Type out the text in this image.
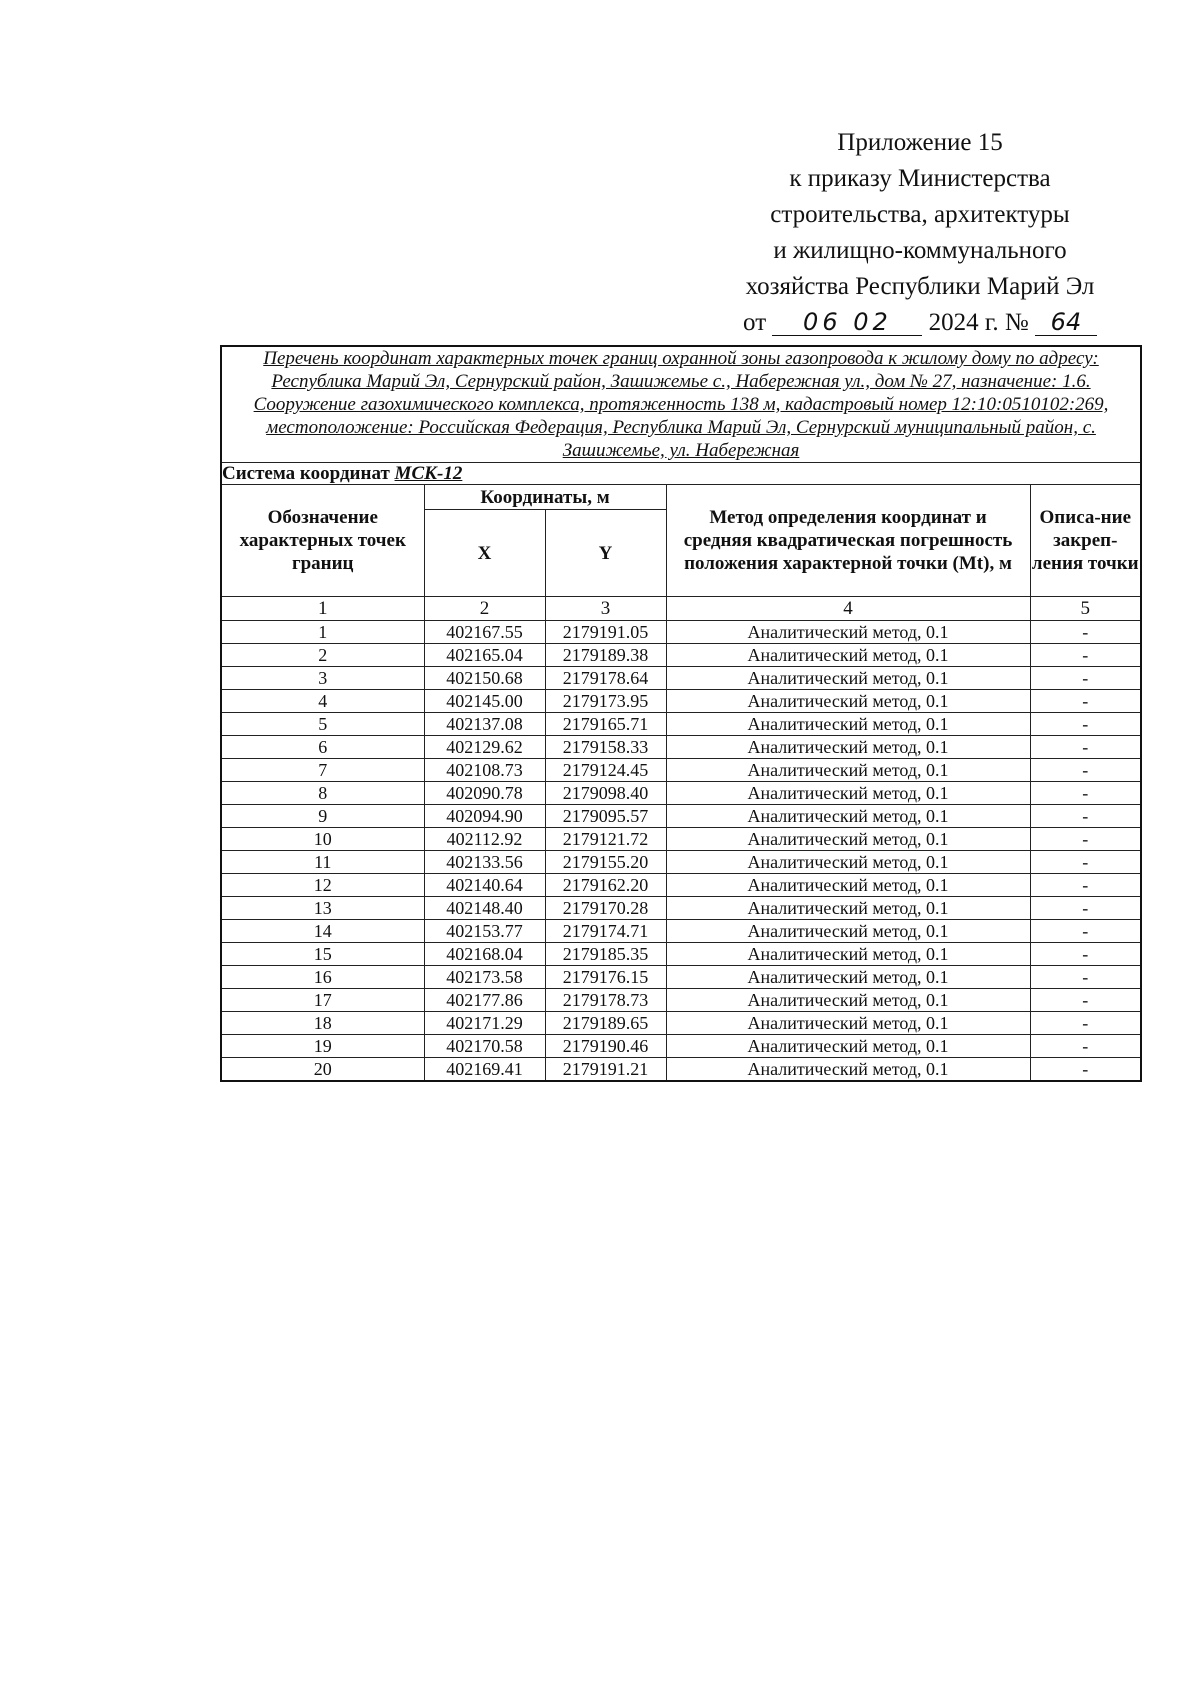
Приложение 15
к приказу Министерства
строительства, архитектуры
и жилищно-коммунального
хозяйства Республики Марий Эл
от 06 02 2024 г. № 64
Перечень координат характерных точек границ охранной зоны газопровода к жилому дому по адресу: Республика Марий Эл, Сернурский район, Зашижемье с., Набережная ул., дом № 27, назначение: 1.6. Сооружение газохимического комплекса, протяженность 138 м, кадастровый номер 12:10:0510102:269, местоположение: Российская Федерация, Республика Марий Эл, Сернурский муниципальный район, с. Зашижемье, ул. Набережная				
Система координат МСК-12				
Обозначение характерных точек границ	Координаты, м		Метод определения координат и средняя квадратическая погрешность положения характерной точки (Mt), м	Описа-ние закреп-ления точки
	X	Y		
1	2	3	4	5
1	402167.55	2179191.05	Аналитический метод, 0.1	-
2	402165.04	2179189.38	Аналитический метод, 0.1	-
3	402150.68	2179178.64	Аналитический метод, 0.1	-
4	402145.00	2179173.95	Аналитический метод, 0.1	-
5	402137.08	2179165.71	Аналитический метод, 0.1	-
6	402129.62	2179158.33	Аналитический метод, 0.1	-
7	402108.73	2179124.45	Аналитический метод, 0.1	-
8	402090.78	2179098.40	Аналитический метод, 0.1	-
9	402094.90	2179095.57	Аналитический метод, 0.1	-
10	402112.92	2179121.72	Аналитический метод, 0.1	-
11	402133.56	2179155.20	Аналитический метод, 0.1	-
12	402140.64	2179162.20	Аналитический метод, 0.1	-
13	402148.40	2179170.28	Аналитический метод, 0.1	-
14	402153.77	2179174.71	Аналитический метод, 0.1	-
15	402168.04	2179185.35	Аналитический метод, 0.1	-
16	402173.58	2179176.15	Аналитический метод, 0.1	-
17	402177.86	2179178.73	Аналитический метод, 0.1	-
18	402171.29	2179189.65	Аналитический метод, 0.1	-
19	402170.58	2179190.46	Аналитический метод, 0.1	-
20	402169.41	2179191.21	Аналитический метод, 0.1	-
